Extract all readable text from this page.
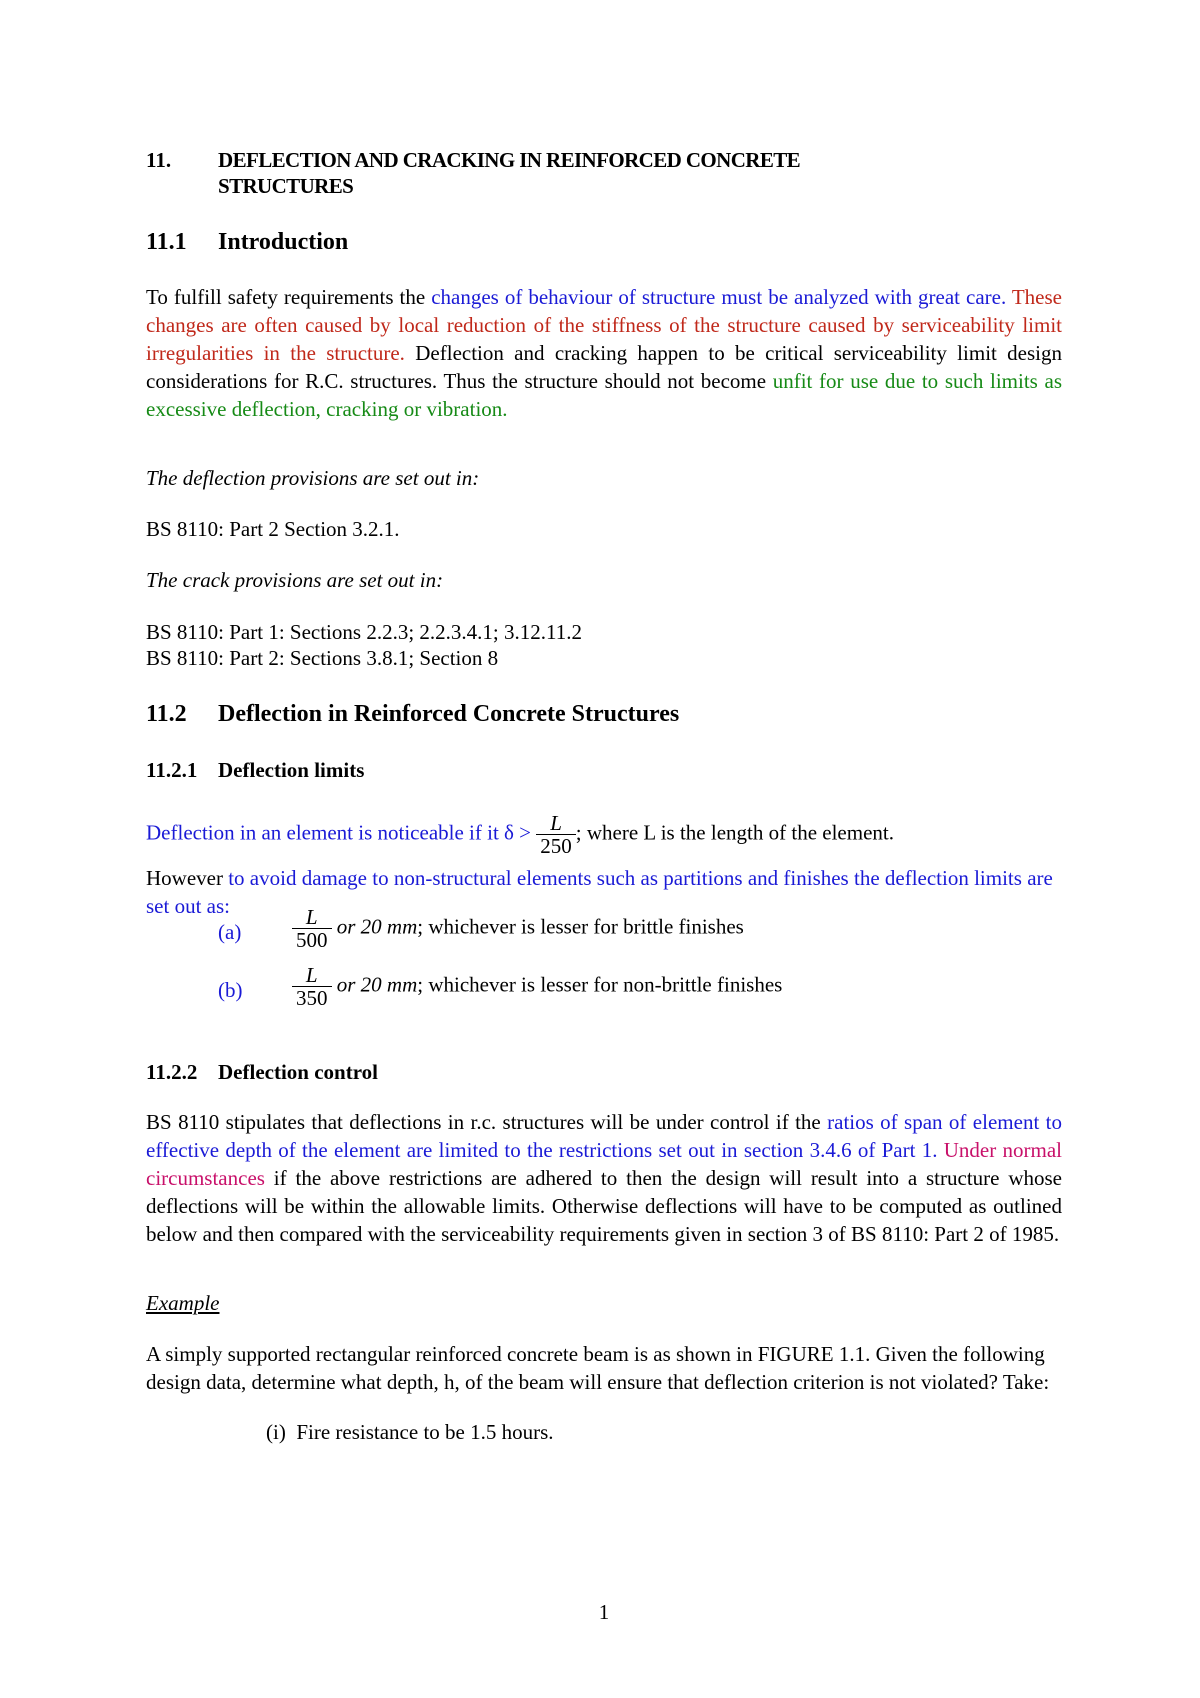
11. DEFLECTION AND CRACKING IN REINFORCED CONCRETE
STRUCTURES
11.1 Introduction
To fulfill safety requirements the changes of behaviour of structure must be analyzed with great care. These changes are often caused by local reduction of the stiffness of the structure caused by serviceability limit irregularities in the structure. Deflection and cracking happen to be critical serviceability limit design considerations for R.C. structures. Thus the structure should not become unfit for use due to such limits as excessive deflection, cracking or vibration.
The deflection provisions are set out in:
BS 8110: Part 2 Section 3.2.1.
The crack provisions are set out in:
BS 8110: Part 1: Sections 2.2.3; 2.2.3.4.1; 3.12.11.2
BS 8110: Part 2: Sections 3.8.1; Section 8
11.2 Deflection in Reinforced Concrete Structures
11.2.1 Deflection limits
Deflection in an element is noticeable if it $\delta > \frac{L}{250}$ ; where L is the length of the element.
However to avoid damage to non-structural elements such as partitions and finishes the deflection limits are set out as:
$(a) \frac{L}{500}$ or 20 mm; whichever is lesser for brittle finishes
$(b) \frac{L}{350}$ or 20 mm; whichever is lesser for non-brittle finishes
11.2.2 Deflection control
BS 8110 stipulates that deflections in r.c. structures will be under control if the ratios of span of element to effective depth of the element are limited to the restrictions set out in section 3.4.6 of Part 1. Under normal circumstances if the above restrictions are adhered to then the design will result into a structure whose deflections will be within the allowable limits. Otherwise deflections will have to be computed as outlined below and then compared with the serviceability requirements given in section 3 of BS 8110: Part 2 of 1985.
Example
A simply supported rectangular reinforced concrete beam is as shown in FIGURE 1.1. Given the following design data, determine what depth, h, of the beam will ensure that deflection criterion is not violated? Take:
(i)  Fire resistance to be 1.5 hours.
1
